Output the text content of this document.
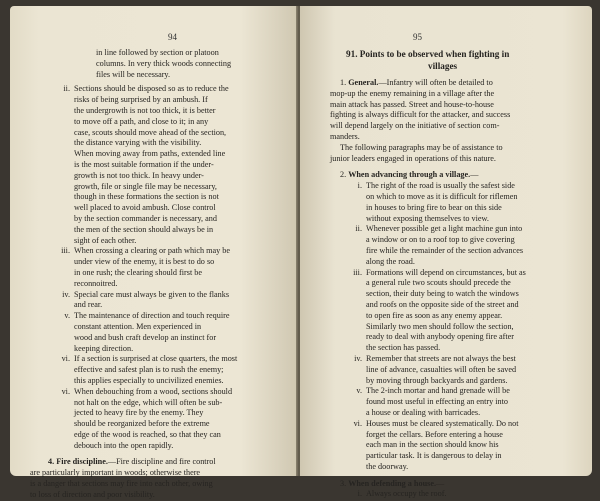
94
in line followed by section or platoon
columns. In very thick woods connecting
files will be necessary.
ii. Sections should be disposed so as to reduce the
risks of being surprised by an ambush. If
the undergrowth is not too thick, it is better
to move off a path, and close to it; in any
case, scouts should move ahead of the section,
the distance varying with the visibility.
When moving away from paths, extended line
is the most suitable formation if the under-
growth is not too thick. In heavy under-
growth, file or single file may be necessary,
though in these formations the section is not
well placed to avoid ambush. Close control
by the section commander is necessary, and
the men of the section should always be in
sight of each other.
iii. When crossing a clearing or path which may be
under view of the enemy, it is best to do so
in one rush; the clearing should first be
reconnoitred.
iv. Special care must always be given to the flanks
and rear.
v. The maintenance of direction and touch require
constant attention. Men experienced in
wood and bush craft develop an instinct for
keeping direction.
vi. If a section is surprised at close quarters, the most
effective and safest plan is to rush the enemy;
this applies especially to uncivilized enemies.
vi. When debouching from a wood, sections should
not halt on the edge, which will often be sub-
jected to heavy fire by the enemy. They
should be reorganized before the extreme
edge of the wood is reached, so that they can
debouch into the open rapidly.
4. Fire discipline.—Fire discipline and fire control
are particularly important in woods; otherwise there
is a danger that sections may fire into each other, owing
to loss of direction and poor visibility.
95
91. Points to be observed when fighting in
villages
1. General.—Infantry will often be detailed to
mop-up the enemy remaining in a village after the
main attack has passed. Street and house-to-house
fighting is always difficult for the attacker, and success
will depend largely on the initiative of section com-
manders.
The following paragraphs may be of assistance to
junior leaders engaged in operations of this nature.
2. When advancing through a village.—
i. The right of the road is usually the safest side
on which to move as it is difficult for riflemen
in houses to bring fire to bear on this side
without exposing themselves to view.
ii. Whenever possible get a light machine gun into
a window or on to a roof top to give covering
fire while the remainder of the section advances
along the road.
iii. Formations will depend on circumstances, but as
a general rule two scouts should precede the
section, their duty being to watch the windows
and roofs on the opposite side of the street and
to open fire as soon as any enemy appear.
Similarly two men should follow the section,
ready to deal with anybody opening fire after
the section has passed.
iv. Remember that streets are not always the best
line of advance, casualties will often be saved
by moving through backyards and gardens.
v. The 2-inch mortar and hand grenade will be
found most useful in effecting an entry into
a house or dealing with barricades.
vi. Houses must be cleared systematically. Do not
forget the cellars. Before entering a house
each man in the section should know his
particular task. It is dangerous to delay in
the doorway.
3. When defending a house.—
i. Always occupy the roof.
